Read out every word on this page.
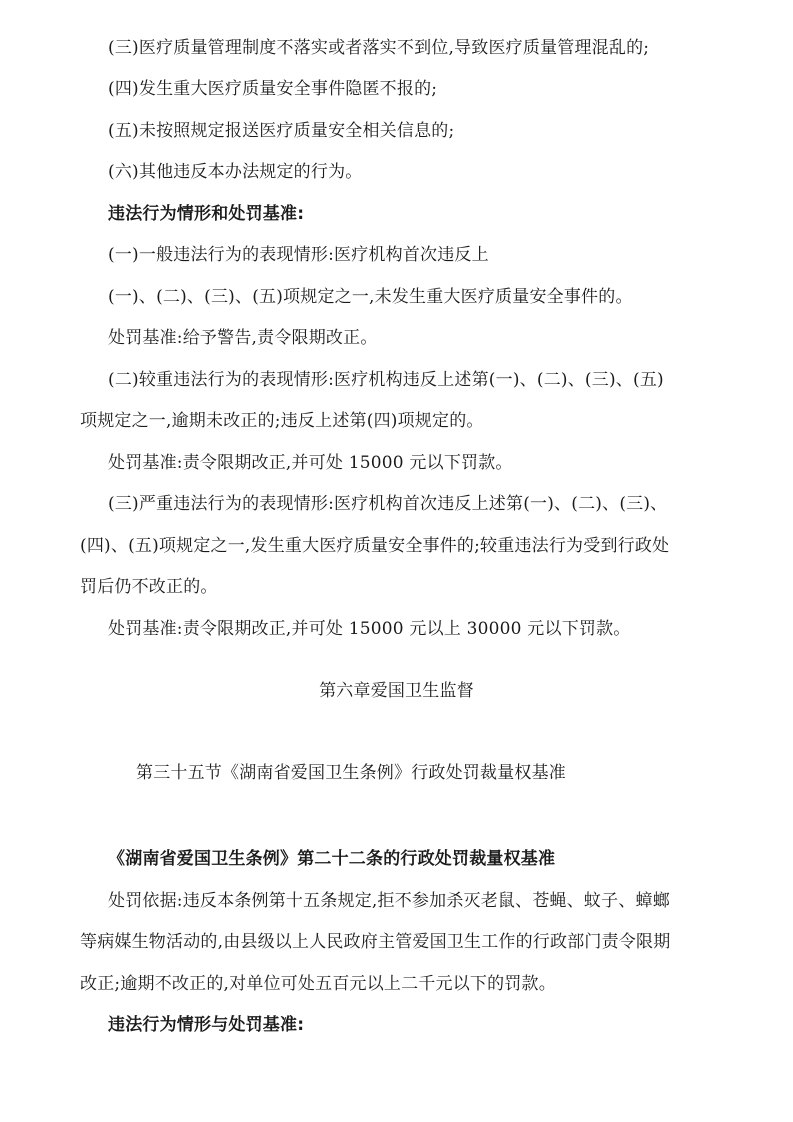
(三)医疗质量管理制度不落实或者落实不到位,导致医疗质量管理混乱的;
(四)发生重大医疗质量安全事件隐匿不报的;
(五)未按照规定报送医疗质量安全相关信息的;
(六)其他违反本办法规定的行为。
违法行为情形和处罚基准:
(一)一般违法行为的表现情形:医疗机构首次违反上
(一)、(二)、(三)、(五)项规定之一,未发生重大医疗质量安全事件的。
处罚基准:给予警告,责令限期改正。
(二)较重违法行为的表现情形:医疗机构违反上述第(一)、(二)、(三)、(五)
项规定之一,逾期未改正的;违反上述第(四)项规定的。
处罚基准:责令限期改正,并可处 15000 元以下罚款。
(三)严重违法行为的表现情形:医疗机构首次违反上述第(一)、(二)、(三)、
(四)、(五)项规定之一,发生重大医疗质量安全事件的;较重违法行为受到行政处
罚后仍不改正的。
处罚基准:责令限期改正,并可处 15000 元以上 30000 元以下罚款。
第六章爱国卫生监督
第三十五节《湖南省爱国卫生条例》行政处罚裁量权基准
《湖南省爱国卫生条例》第二十二条的行政处罚裁量权基准
处罚依据:违反本条例第十五条规定,拒不参加杀灭老鼠、苍蝇、蚊子、蟑螂
等病媒生物活动的,由县级以上人民政府主管爱国卫生工作的行政部门责令限期
改正;逾期不改正的,对单位可处五百元以上二千元以下的罚款。
违法行为情形与处罚基准:
